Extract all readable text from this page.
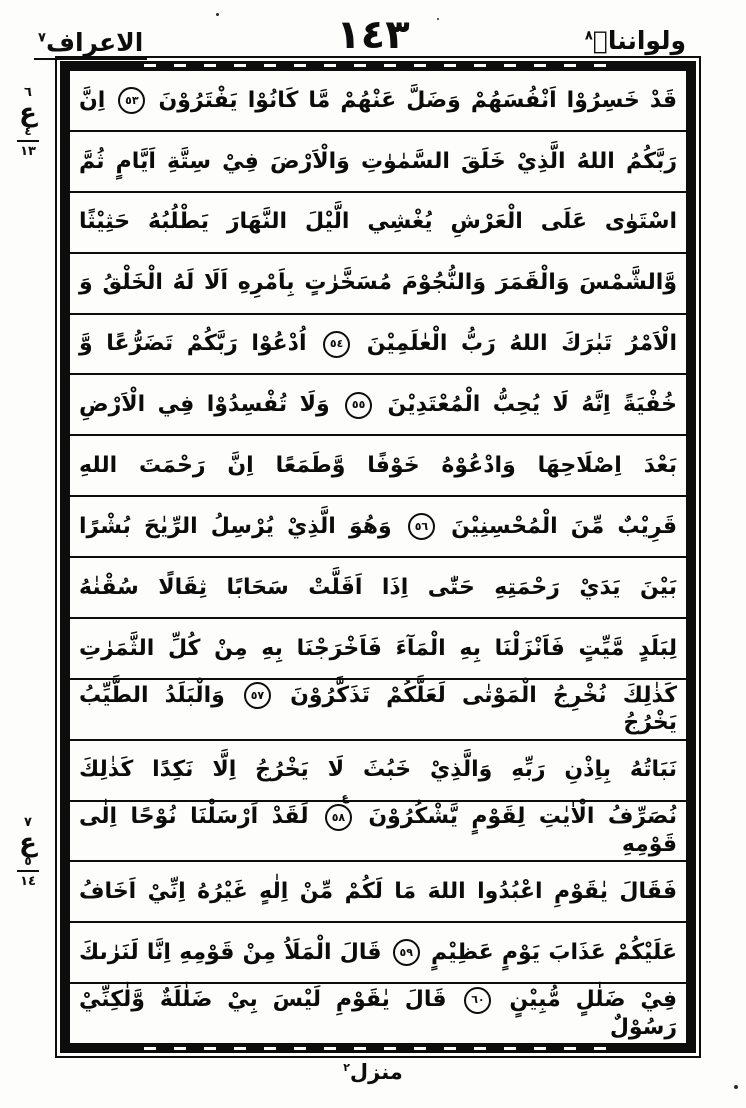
ولوانناۤ$^٨$
١٤٣
الاعراف$^٧$
٦
ع
٤
١٣
٧
ع
٥
١٤
قَدْ خَسِرُوْا اَنْفُسَهُمْ وَضَلَّ عَنْهُمْ مَّا كَانُوْا يَفْتَرُوْنَ ٥٣ اِنَّ
رَبَّكُمُ اللهُ الَّذِيْ خَلَقَ السَّمٰوٰتِ وَالْاَرْضَ فِيْ سِتَّةِ اَيَّامٍ ثُمَّ
اسْتَوٰى عَلَى الْعَرْشِ يُغْشِي الَّيْلَ النَّهَارَ يَطْلُبُهُ حَثِيْثًا
وَّالشَّمْسَ وَالْقَمَرَ وَالنُّجُوْمَ مُسَخَّرٰتٍ بِاَمْرِهِ اَلَا لَهُ الْخَلْقُ وَ
الْاَمْرُ تَبٰرَكَ اللهُ رَبُّ الْعٰلَمِيْنَ ٥٤ اُدْعُوْا رَبَّكُمْ تَضَرُّعًا وَّ
خُفْيَةً اِنَّهُ لَا يُحِبُّ الْمُعْتَدِيْنَ ٥٥ وَلَا تُفْسِدُوْا فِي الْاَرْضِ
بَعْدَ اِصْلَاحِهَا وَادْعُوْهُ خَوْفًا وَّطَمَعًا اِنَّ رَحْمَتَ اللهِ
قَرِيْبٌ مِّنَ الْمُحْسِنِيْنَ ٥٦ وَهُوَ الَّذِيْ يُرْسِلُ الرِّيٰحَ بُشْرًا
بَيْنَ يَدَيْ رَحْمَتِهِ حَتّٰى اِذَا اَقَلَّتْ سَحَابًا ثِقَالًا سُقْنٰهُ
لِبَلَدٍ مَّيِّتٍ فَاَنْزَلْنَا بِهِ الْمَآءَ فَاَخْرَجْنَا بِهِ مِنْ كُلِّ الثَّمَرٰتِ
كَذٰلِكَ نُخْرِجُ الْمَوْتٰى لَعَلَّكُمْ تَذَكَّرُوْنَ ٥٧ وَالْبَلَدُ الطَّيِّبُ يَخْرُجُ
نَبَاتُهُ بِاِذْنِ رَبِّهِ وَالَّذِيْ خَبُثَ لَا يَخْرُجُ اِلَّا نَكِدًا كَذٰلِكَ
نُصَرِّفُ الْاٰيٰتِ لِقَوْمٍ يَّشْكُرُوْنَ ٥٨
ع
لَقَدْ اَرْسَلْنَا نُوْحًا اِلٰى قَوْمِهِ
فَقَالَ يٰقَوْمِ اعْبُدُوا اللهَ مَا لَكُمْ مِّنْ اِلٰهٍ غَيْرُهُ اِنِّيْ اَخَافُ
عَلَيْكُمْ عَذَابَ يَوْمٍ عَظِيْمٍ ٥٩ قَالَ الْمَلَاُ مِنْ قَوْمِهِ اِنَّا لَنَرٰىكَ
فِيْ ضَلٰلٍ مُّبِيْنٍ ٦٠ قَالَ يٰقَوْمِ لَيْسَ بِيْ ضَلٰلَةٌ وَّلٰكِنِّيْ رَسُوْلٌ
منزل$^٢$
